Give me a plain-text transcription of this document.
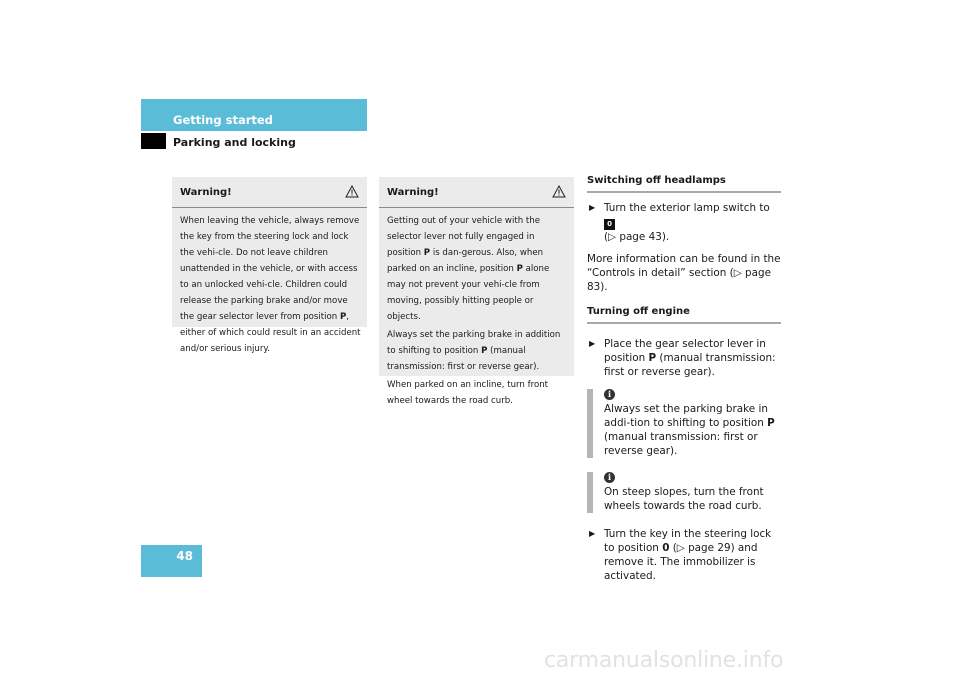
Getting started
Parking and locking
Warning!

When leaving the vehicle, always remove the key from the steering lock and lock the vehi-cle. Do not leave children unattended in the vehicle, or with access to an unlocked vehi-cle. Children could release the parking brake and/or move the gear selector lever from position P, either of which could result in an accident and/or serious injury.

Warning!

Getting out of your vehicle with the selector lever not fully engaged in position P is dan-gerous. Also, when parked on an incline, position P alone may not prevent your vehi-cle from moving, possibly hitting people or objects.

Always set the parking brake in addition to shifting to position P (manual transmission: first or reverse gear).

When parked on an incline, turn front wheel towards the road curb.

Switching off headlamps
▶ Turn the exterior lamp switch to 0
(▷ page 43).

More information can be found in the “Controls in detail” section (▷ page 83).

Turning off engine
▶ Place the gear selector lever in position P (manual transmission: first or reverse gear).
i
Always set the parking brake in addi-tion to shifting to position P (manual transmission: first or reverse gear).
i
On steep slopes, turn the front wheels towards the road curb.
▶ Turn the key in the steering lock to position 0 (▷ page 29) and remove it. The immobilizer is activated.
48
carmanualsonline.info
